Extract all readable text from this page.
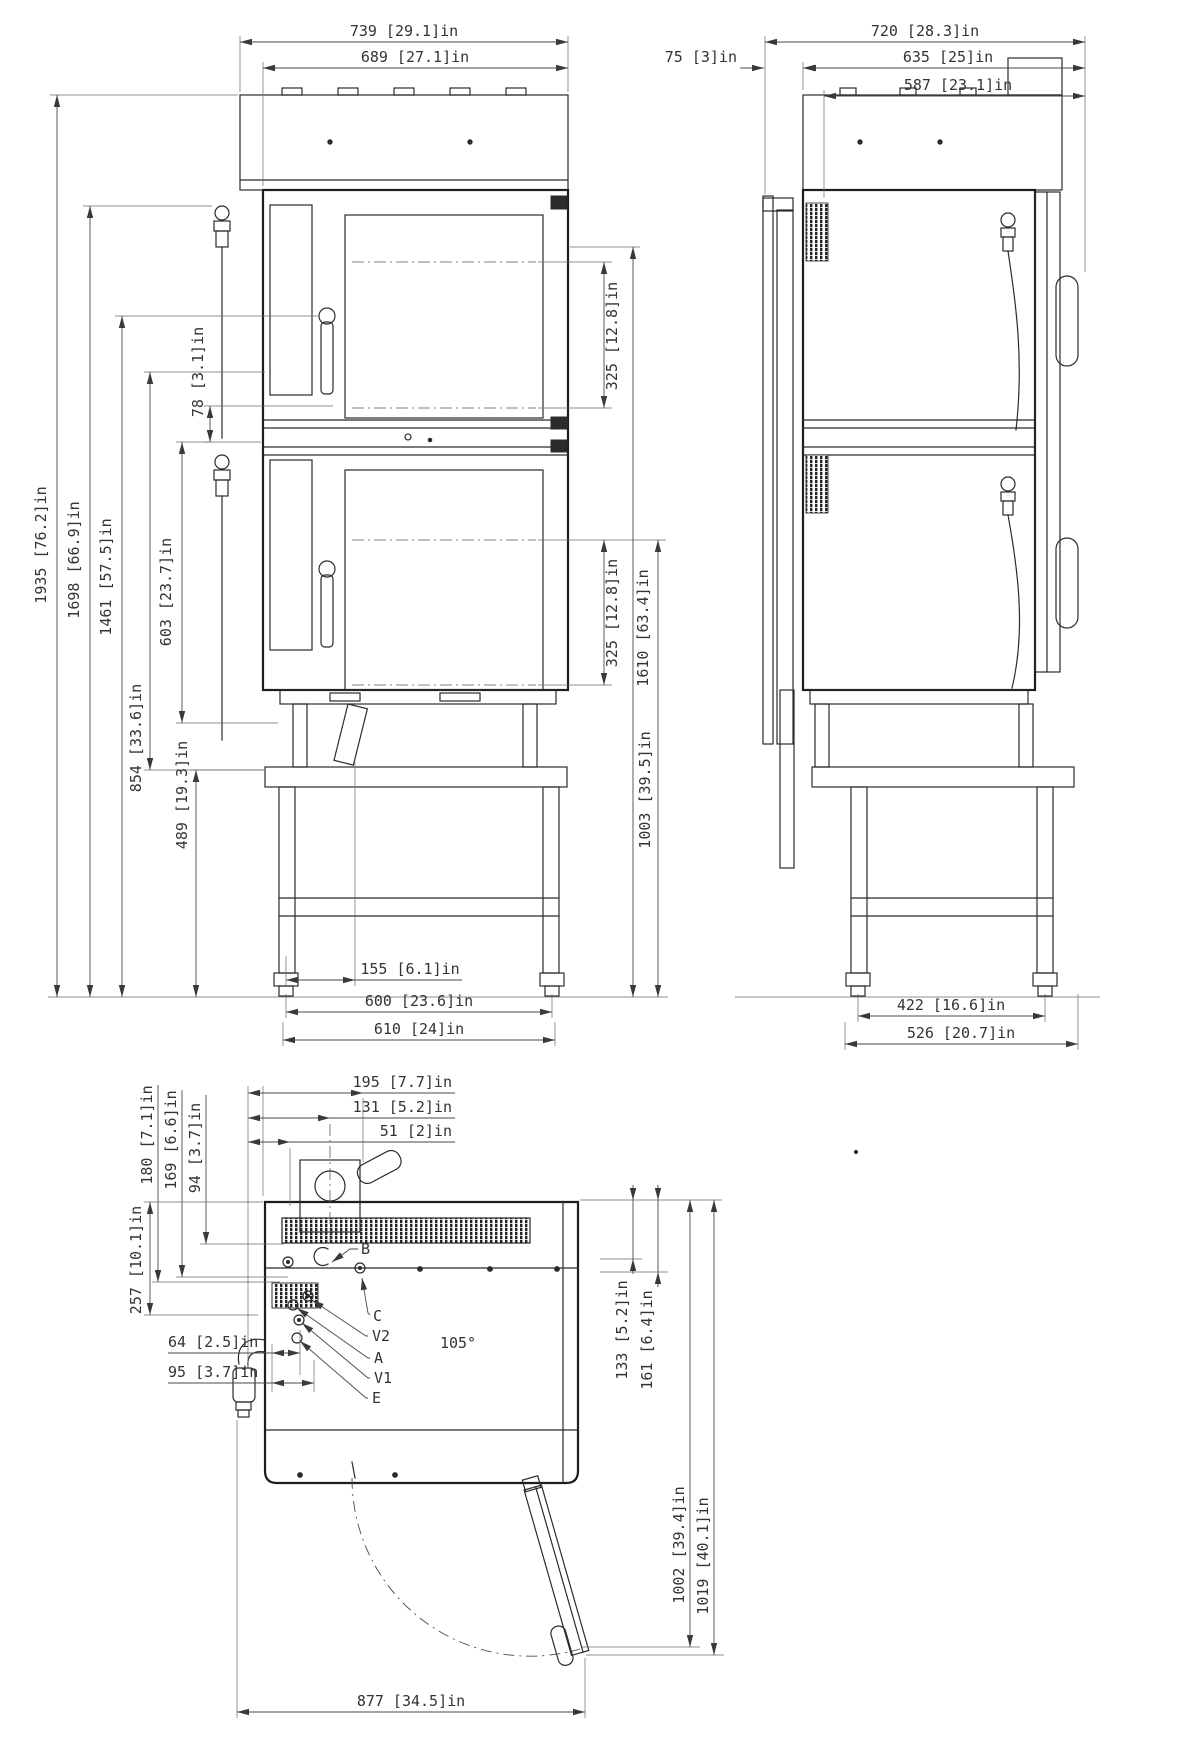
739 [29.1]in
689 [27.1]in
1935 [76.2]in 1698 [66.9]in 1461 [57.5]in
78 [3.1]in
603 [23.7]in
854 [33.6]in
489 [19.3]in
325 [12.8]in
325 [12.8]in 1610 [63.4]in
1003 [39.5]in
155 [6.1]in
600 [23.6]in
610 [24]in
720 [28.3]in
75 [3]in	635 [25]in
587 [23.1]in
422 [16.6]in
526 [20.7]in
105°
195 [7.7]in
131 [5.2]in
51 [2]in
180 [7.1]in 169 [6.6]in 94 [3.7]in
257 [10.1]in
64 [2.5]in
95 [3.7]in
B
C
V2
A
V1
E
133 [5.2]in 161 [6.4]in
1002 [39.4]in 1019 [40.1]in
877 [34.5]in
